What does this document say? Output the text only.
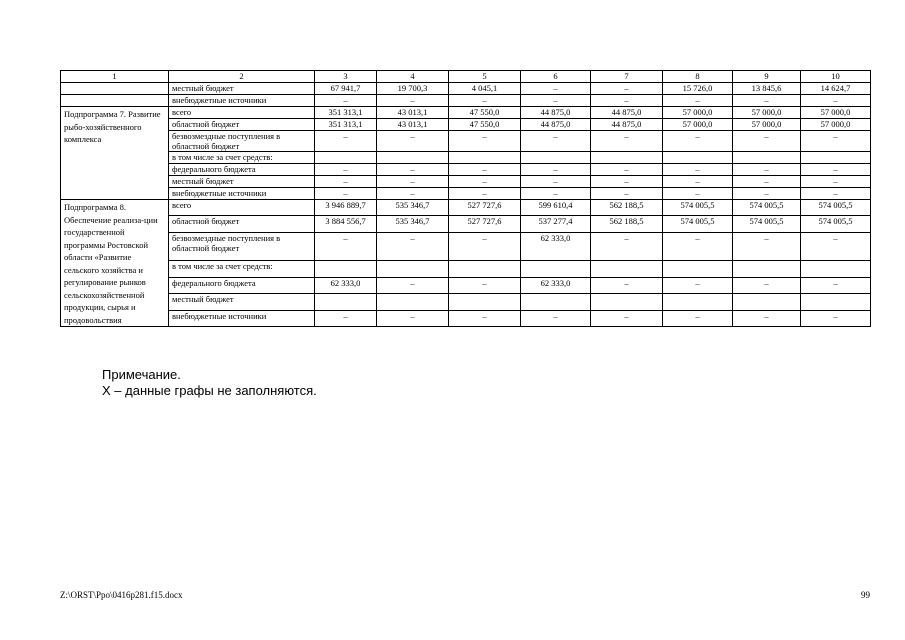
1	2	3	4	5	6	7	8	9	10
	местный бюджет	67 941,7	19 700,3	4 045,1	–	–	15 726,0	13 845,6	14 624,7
	внебюджетные источники	–	–	–	–	–	–	–	–
Подпрограмма 7. Развитие рыбо-хозяйственного комплекса	всего	351 313,1	43 013,1	47 550,0	44 875,0	44 875,0	57 000,0	57 000,0	57 000,0
	областной бюджет	351 313,1	43 013,1	47 550,0	44 875,0	44 875,0	57 000,0	57 000,0	57 000,0
	безвозмездные поступления в областной бюджет	–	–	–	–	–	–	–	–
	в том числе за счет средств:								
	федерального бюджета	–	–	–	–	–	–	–	–
	местный бюджет	–	–	–	–	–	–	–	–
	внебюджетные источники	–	–	–	–	–	–	–	–
Подпрограмма 8. Обеспечение реализа-ции государственной программы Ростовской области «Развитие сельского хозяйства и регулирование рынков сельскохозяйственной продукции, сырья и продовольствия	всего	3 946 889,7	535 346,7	527 727,6	599 610,4	562 188,5	574 005,5	574 005,5	574 005,5
	областной бюджет	3 884 556,7	535 346,7	527 727,6	537 277,4	562 188,5	574 005,5	574 005,5	574 005,5
	безвозмездные поступления в областной бюджет	–	–	–	62 333,0	–	–	–	–
	в том числе за счет средств:								
	федерального бюджета	62 333,0	–	–	62 333,0	–	–	–	–
	местный бюджет								
	внебюджетные источники	–	–	–	–	–	–	–	–
Примечание.
Х – данные графы не заполняются.
Z:\ORST\Ppo\0416p281.f15.docx	99
